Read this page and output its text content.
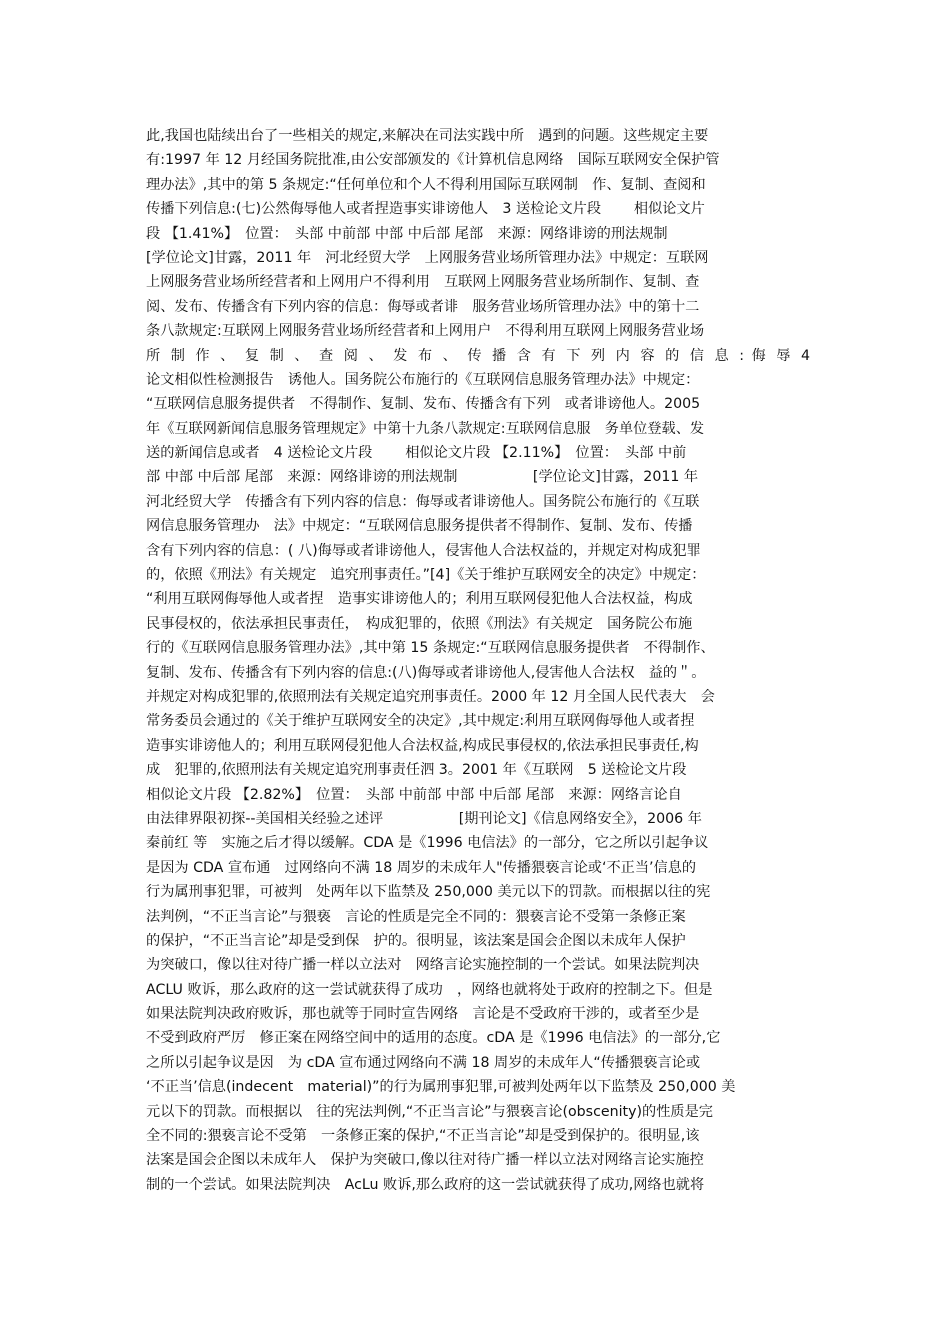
此,我国也陆续出台了一些相关的规定,来解决在司法实践中所　遇到的问题。这些规定主要
有:1997 年 12 月经国务院批准,由公安部颁发的《计算机信息网络　国际互联网安全保护管
理办法》,其中的第 5 条规定:“任何单位和个人不得利用国际互联网制　作、复制、查阅和
传播下列信息:(七)公然侮辱他人或者捏造事实诽谤他人　3 送检论文片段　　 相似论文片
段 【1.41%】　位置：　头部 中前部 中部 中后部 尾部　来源：网络诽谤的刑法规制
[学位论文]甘露，2011 年　河北经贸大学　上网服务营业场所管理办法》中规定：互联网
上网服务营业场所经营者和上网用户不得利用　互联网上网服务营业场所制作、复制、查
阅、发布、传播含有下列内容的信息：侮辱或者诽　服务营业场所管理办法》中的第十二
条八款规定:互联网上网服务营业场所经营者和上网用户　不得利用互联网上网服务营业场
所 制 作 、 复 制 、 查 阅 、 发 布 、 传 播 含 有 下 列 内 容 的 信 息 : 侮 辱 4
论文相似性检测报告　诱他人。国务院公布施行的《互联网信息服务管理办法》中规定：
“互联网信息服务提供者　不得制作、复制、发布、传播含有下列　或者诽谤他人。2005
年《互联网新闻信息服务管理规定》中第十九条八款规定:互联网信息服　务单位登载、发
送的新闻信息或者　4 送检论文片段　　 相似论文片段 【2.11%】　位置：　头部 中前
部 中部 中后部 尾部　来源：网络诽谤的刑法规制　　　　　 [学位论文]甘露，2011 年
河北经贸大学　传播含有下列内容的信息：侮辱或者诽谤他人。国务院公布施行的《互联
网信息服务管理办　法》中规定：“互联网信息服务提供者不得制作、复制、发布、传播
含有下列内容的信息：( 八)侮辱或者诽谤他人，侵害他人合法权益的，并规定对构成犯罪
的，依照《刑法》有关规定　追究刑事责任。”[4]《关于维护互联网安全的决定》中规定：
“利用互联网侮辱他人或者捏　造事实诽谤他人的；利用互联网侵犯他人合法权益，构成
民事侵权的，依法承担民事责任，　构成犯罪的，依照《刑法》有关规定　国务院公布施
行的《互联网信息服务管理办法》,其中第 15 条规定:“互联网信息服务提供者　不得制作、
复制、发布、传播含有下列内容的信息:(八)侮辱或者诽谤他人,侵害他人合法权　益的＂。
并规定对构成犯罪的,依照刑法有关规定追究刑事责任。2000 年 12 月全国人民代表大　会
常务委员会通过的《关于维护互联网安全的决定》,其中规定:利用互联网侮辱他人或者捏
造事实诽谤他人的；利用互联网侵犯他人合法权益,构成民事侵权的,依法承担民事责任,构
成　犯罪的,依照刑法有关规定追究刑事责任泗 3。2001 年《互联网　5 送检论文片段
相似论文片段 【2.82%】　位置：　头部 中前部 中部 中后部 尾部　来源：网络言论自
由法律界限初探--美国相关经验之述评　　　　　 [期刊论文]《信息网络安全》，2006 年
秦前红 等　实施之后才得以缓解。CDA 是《1996 电信法》的一部分，它之所以引起争议
是因为 CDA 宣布通　过网络向不满 18 周岁的未成年人"传播猥亵言论或‘不正当’信息的
行为属刑事犯罪，可被判　处两年以下监禁及 250,000 美元以下的罚款。而根据以往的宪
法判例，“不正当言论”与猥亵　言论的性质是完全不同的：猥亵言论不受第一条修正案
的保护，“不正当言论”却是受到保　护的。很明显，该法案是国会企图以未成年人保护
为突破口，像以往对待广播一样以立法对　网络言论实施控制的一个尝试。如果法院判决
ACLU 败诉，那么政府的这一尝试就获得了成功　，网络也就将处于政府的控制之下。但是
如果法院判决政府败诉，那也就等于同时宣告网络　言论是不受政府干涉的，或者至少是
不受到政府严厉　修正案在网络空间中的适用的态度。cDA 是《1996 电信法》的一部分,它
之所以引起争议是因　为 cDA 宣布通过网络向不满 18 周岁的未成年人“传播猥亵言论或
‘不正当’信息(indecent　material)”的行为属刑事犯罪,可被判处两年以下监禁及 250,000 美
元以下的罚款。而根据以　往的宪法判例,“不正当言论”与猥亵言论(obscenity)的性质是完
全不同的:猥亵言论不受第　一条修正案的保护,“不正当言论”却是受到保护的。很明显,该
法案是国会企图以未成年人　保护为突破口,像以往对待广播一样以立法对网络言论实施控
制的一个尝试。如果法院判决　AcLu 败诉,那么政府的这一尝试就获得了成功,网络也就将
